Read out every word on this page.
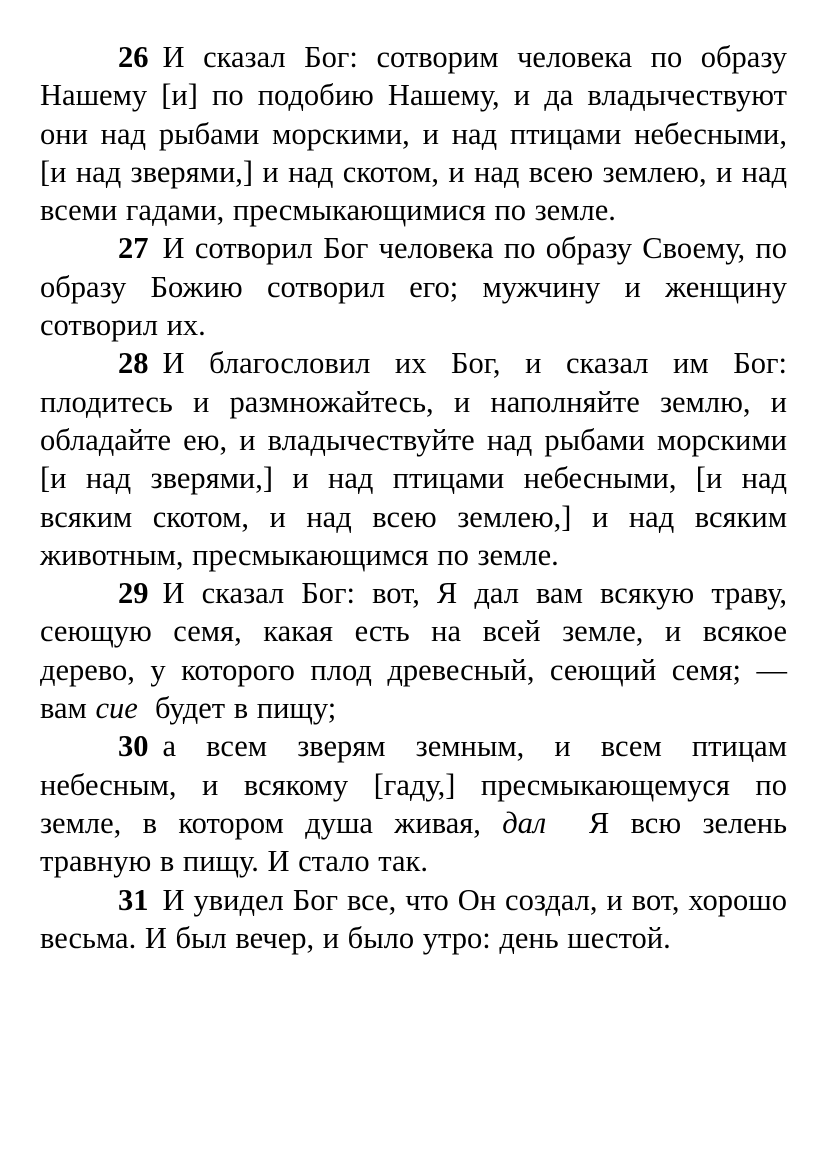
26 И сказал Бог: сотворим человека по образу Нашему [и] по подобию Нашему, и да владычествуют они над рыбами морскими, и над птицами небесными, [и над зверями,] и над скотом, и над всею землею, и над всеми гадами, пресмыкающимися по земле.

27 И сотворил Бог человека по образу Своему, по образу Божию сотворил его; мужчину и женщину сотворил их.

28 И благословил их Бог, и сказал им Бог: плодитесь и размножайтесь, и наполняйте землю, и обладайте ею, и владычествуйте над рыбами морскими [и над зверями,] и над птицами небесными, [и над всяким скотом, и над всею землею,] и над всяким животным, пресмыкающимся по земле.

29 И сказал Бог: вот, Я дал вам всякую траву, сеющую семя, какая есть на всей земле, и всякое дерево, у которого плод древесный, сеющий семя; — вам сие будет в пищу;

30 а всем зверям земным, и всем птицам небесным, и всякому [гаду,] пресмыкающемуся по земле, в котором душа живая, дал Я всю зелень травную в пищу. И стало так.

31 И увидел Бог все, что Он создал, и вот, хорошо весьма. И был вечер, и было утро: день шестой.
